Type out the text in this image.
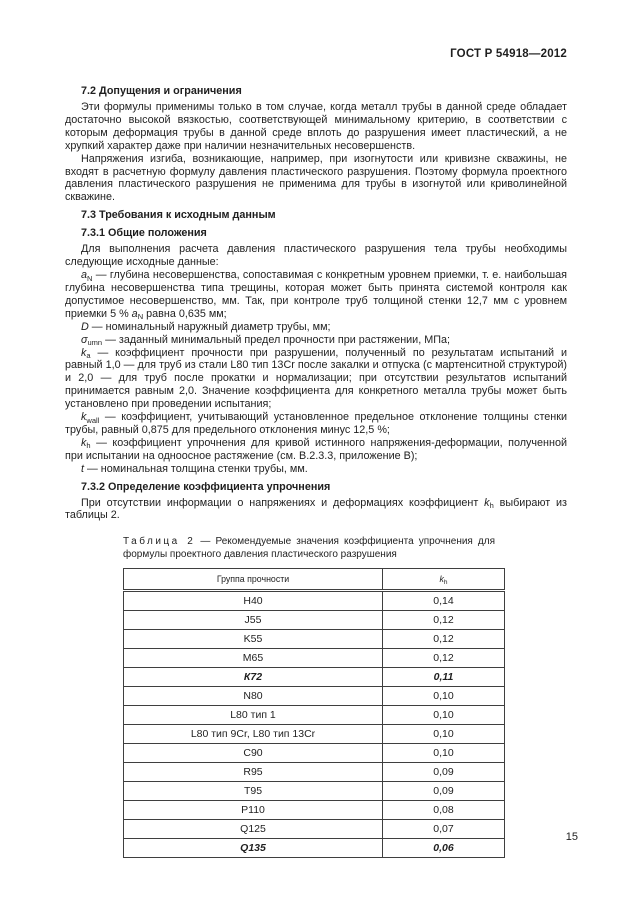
ГОСТ Р 54918—2012
7.2 Допущения и ограничения
Эти формулы применимы только в том случае, когда металл трубы в данной среде обладает достаточно высокой вязкостью, соответствующей минимальному критерию, в соответствии с которым деформация трубы в данной среде вплоть до разрушения имеет пластический, а не хрупкий характер даже при наличии незначительных несовершенств.
Напряжения изгиба, возникающие, например, при изогнутости или кривизне скважины, не входят в расчетную формулу давления пластического разрушения. Поэтому формула проектного давления пластического разрушения не применима для трубы в изогнутой или криволинейной скважине.
7.3 Требования к исходным данным
7.3.1 Общие положения
Для выполнения расчета давления пластического разрушения тела трубы необходимы следующие исходные данные:
$a_N$ — глубина несовершенства, сопоставимая с конкретным уровнем приемки, т. е. наибольшая глубина несовершенства типа трещины, которая может быть принята системой контроля как допустимое несовершенство, мм. Так, при контроле труб толщиной стенки 12,7 мм с уровнем приемки 5 % $a_N$ равна 0,635 мм;
D — номинальный наружный диаметр трубы, мм;
$\sigma_{umn}$ — заданный минимальный предел прочности при растяжении, МПа;
$k_a$ — коэффициент прочности при разрушении, полученный по результатам испытаний и равный 1,0 — для труб из стали L80 тип 13Cr после закалки и отпуска (с мартенситной структурой) и 2,0 — для труб после прокатки и нормализации; при отсутствии результатов испытаний принимается равным 2,0. Значение коэффициента для конкретного металла трубы может быть установлено при проведении испытания;
$k_{wall}$ — коэффициент, учитывающий установленное предельное отклонение толщины стенки трубы, равный 0,875 для предельного отклонения минус 12,5 %;
$k_h$ — коэффициент упрочнения для кривой истинного напряжения-деформации, полученной при испытании на одноосное растяжение (см. В.2.3.3, приложение В);
t — номинальная толщина стенки трубы, мм.
7.3.2 Определение коэффициента упрочнения
При отсутствии информации о напряжениях и деформациях коэффициент $k_h$ выбирают из таблицы 2.
Таблица 2 — Рекомендуемые значения коэффициента упрочнения для формулы проектного давления пластического разрушения
Группа прочности	$k_h$
H40	0,14
J55	0,12
K55	0,12
M65	0,12
К72	0,11
N80	0,10
L80 тип 1	0,10
L80 тип 9Cr, L80 тип 13Cr	0,10
C90	0,10
R95	0,09
T95	0,09
P110	0,08
Q125	0,07
Q135	0,06
15
